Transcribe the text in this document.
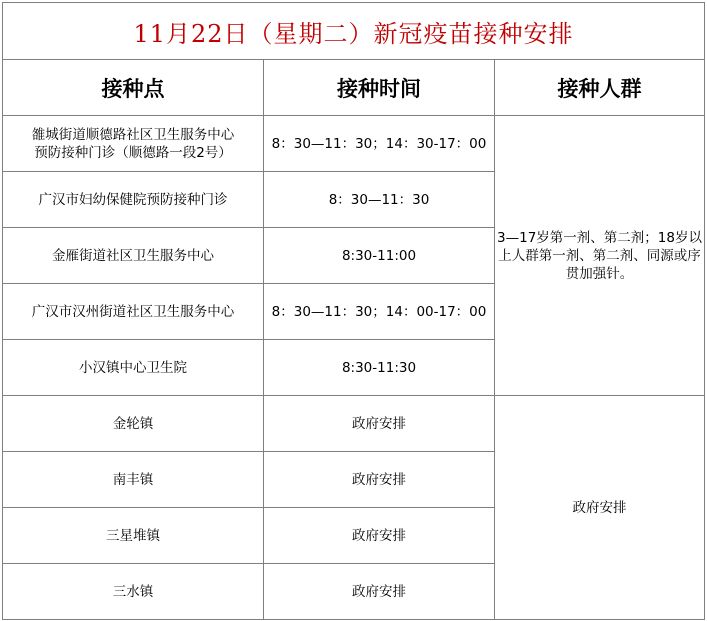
11月22日（星期二）新冠疫苗接种安排		
接种点	接种时间	接种人群
雒城街道顺德路社区卫生服务中心
预防接种门诊（顺德路一段2号）	8：30—11：30；14：30-17：00	3—17岁第一剂、第二剂；18岁以上人群第一剂、第二剂、同源或序贯加强针。
广汉市妇幼保健院预防接种门诊	8：30—11：30	
金雁街道社区卫生服务中心	8:30-11:00	
广汉市汉州街道社区卫生服务中心	8：30—11：30；14：00-17：00	
小汉镇中心卫生院	8:30-11:30	
金轮镇	政府安排	政府安排
南丰镇	政府安排	
三星堆镇	政府安排	
三水镇	政府安排	
